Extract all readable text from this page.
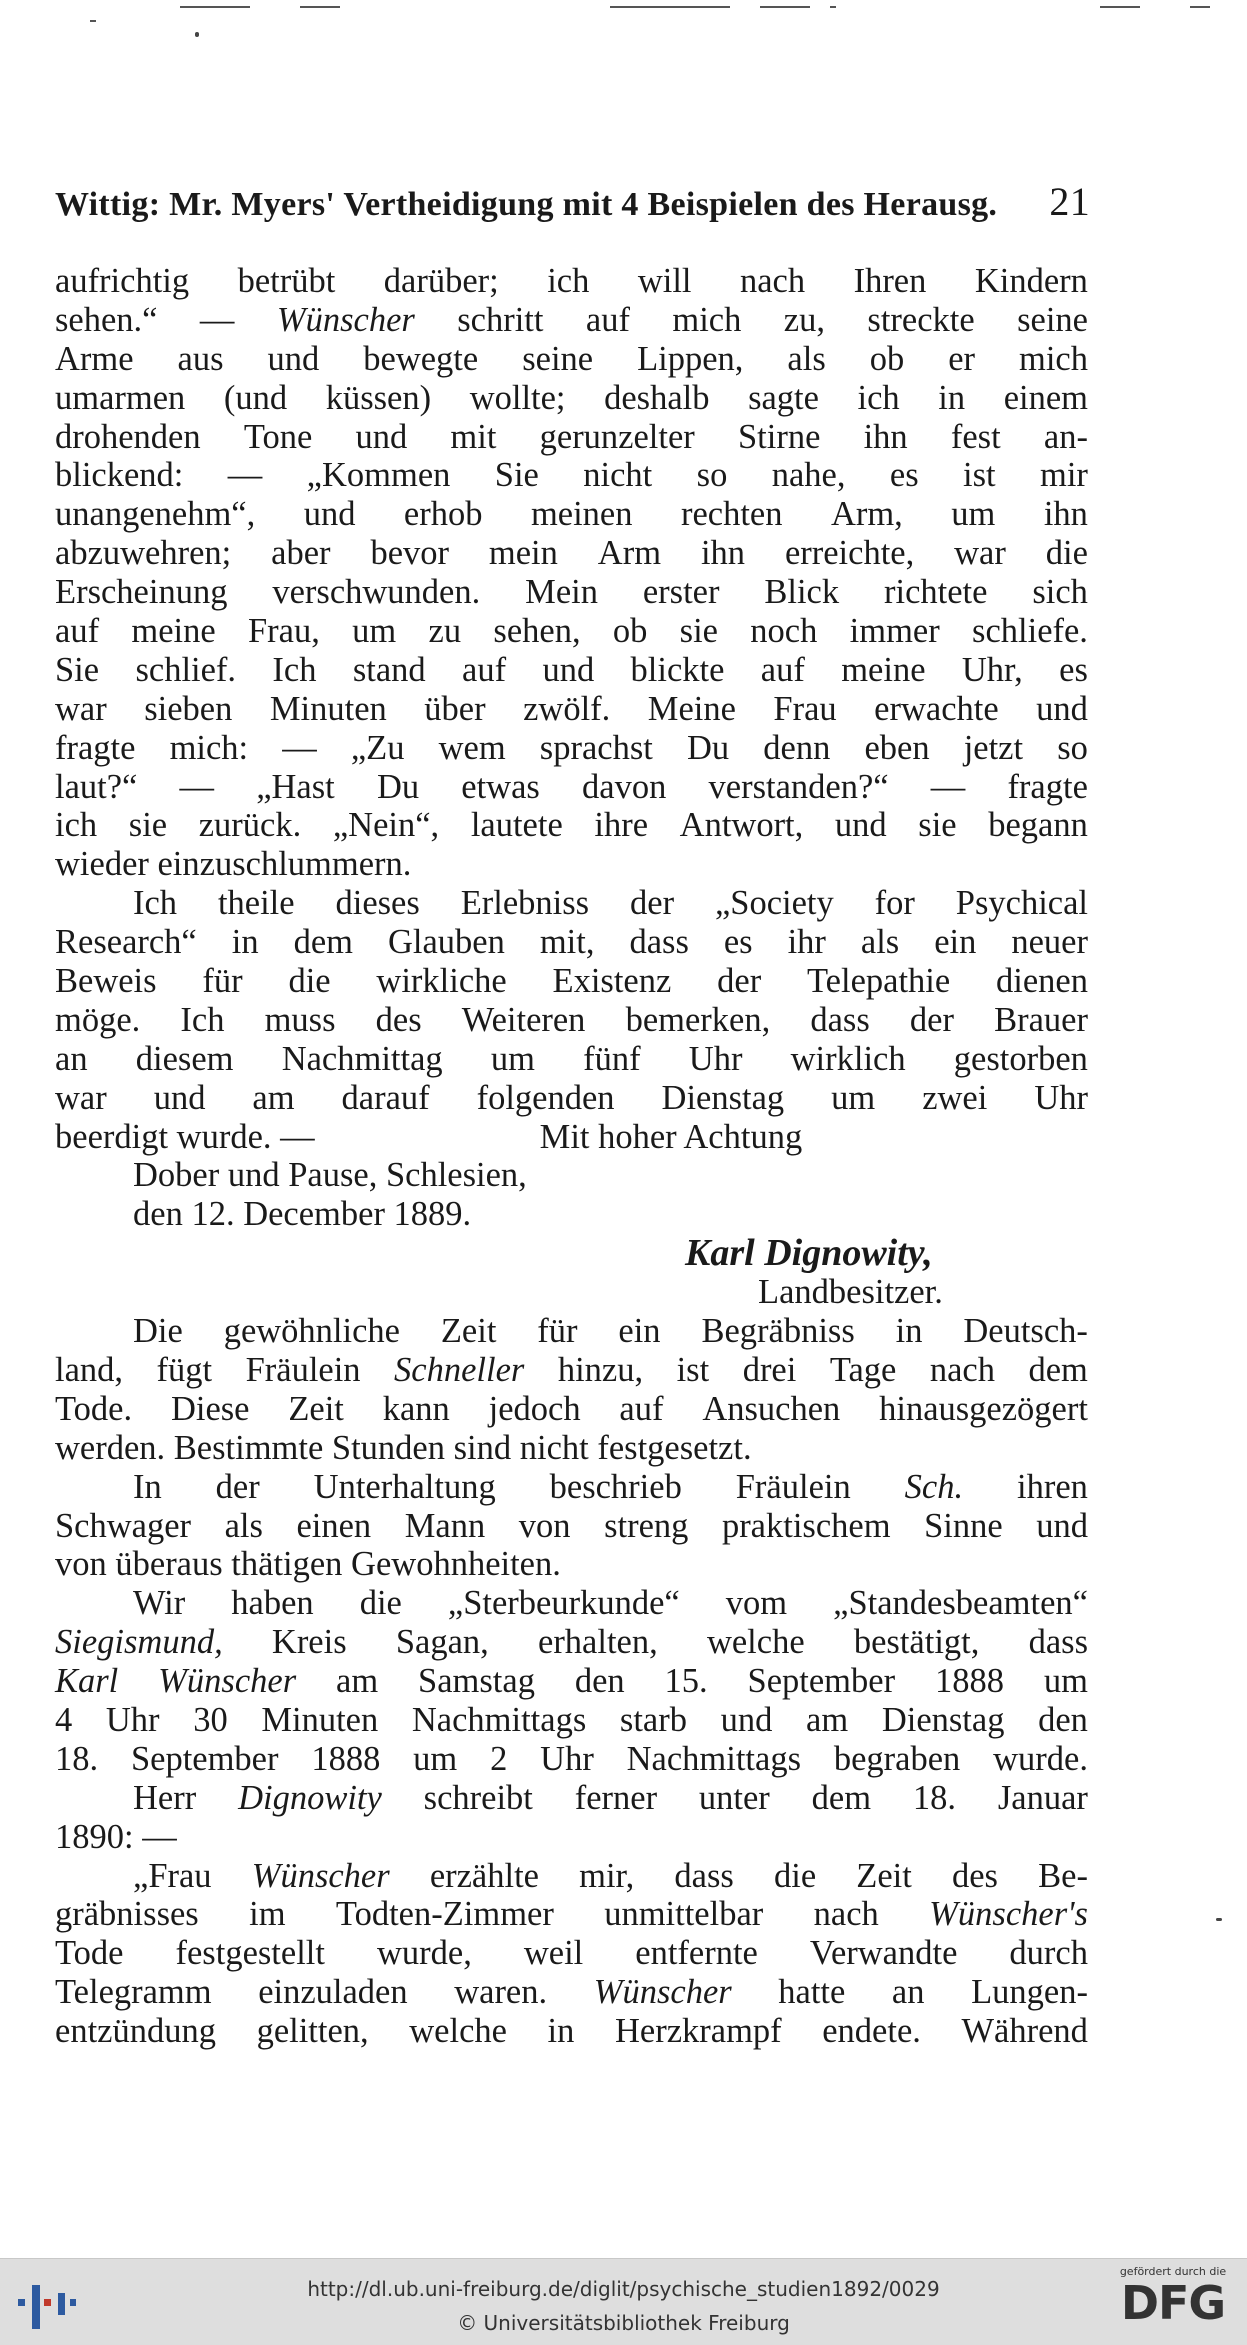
Wittig: Mr. Myers' Vertheidigung mit 4 Beispielen des Herausg. 21
aufrichtig betrübt darüber; ich will nach Ihren Kindern
sehen.“ — Wünscher schritt auf mich zu, streckte seine
Arme aus und bewegte seine Lippen, als ob er mich
umarmen (und küssen) wollte; deshalb sagte ich in einem
drohenden Tone und mit gerunzelter Stirne ihn fest an-
blickend: — „Kommen Sie nicht so nahe, es ist mir
unangenehm“, und erhob meinen rechten Arm, um ihn
abzuwehren; aber bevor mein Arm ihn erreichte, war die
Erscheinung verschwunden. Mein erster Blick richtete sich
auf meine Frau, um zu sehen, ob sie noch immer schliefe.
Sie schlief. Ich stand auf und blickte auf meine Uhr, es
war sieben Minuten über zwölf. Meine Frau erwachte und
fragte mich: — „Zu wem sprachst Du denn eben jetzt so
laut?“ — „Hast Du etwas davon verstanden?“ — fragte
ich sie zurück. „Nein“, lautete ihre Antwort, und sie begann
wieder einzuschlummern.
Ich theile dieses Erlebniss der „Society for Psychical
Research“ in dem Glauben mit, dass es ihr als ein neuer
Beweis für die wirkliche Existenz der Telepathie dienen
möge. Ich muss des Weiteren bemerken, dass der Brauer
an diesem Nachmittag um fünf Uhr wirklich gestorben
war und am darauf folgenden Dienstag um zwei Uhr
beerdigt wurde. —	Mit hoher Achtung
Dober und Pause, Schlesien,
den 12. December 1889.
Karl Dignowity,
Landbesitzer.
Die gewöhnliche Zeit für ein Begräbniss in Deutsch-
land, fügt Fräulein Schneller hinzu, ist drei Tage nach dem
Tode. Diese Zeit kann jedoch auf Ansuchen hinausgezögert
werden. Bestimmte Stunden sind nicht festgesetzt.
In der Unterhaltung beschrieb Fräulein Sch. ihren
Schwager als einen Mann von streng praktischem Sinne und
von überaus thätigen Gewohnheiten.
Wir haben die „Sterbeurkunde“ vom „Standesbeamten“
Siegismund, Kreis Sagan, erhalten, welche bestätigt, dass
Karl Wünscher am Samstag den 15. September 1888 um
4 Uhr 30 Minuten Nachmittags starb und am Dienstag den
18. September 1888 um 2 Uhr Nachmittags begraben wurde.
Herr Dignowity schreibt ferner unter dem 18. Januar
1890: —
„Frau Wünscher erzählte mir, dass die Zeit des Be-
gräbnisses im Todten-Zimmer unmittelbar nach Wünscher's
Tode festgestellt wurde, weil entfernte Verwandte durch
Telegramm einzuladen waren. Wünscher hatte an Lungen-
entzündung gelitten, welche in Herzkrampf endete. Während
http://dl.ub.uni-freiburg.de/diglit/psychische_studien1892/0029
© Universitätsbibliothek Freiburg
gefördert durch die
DFG
